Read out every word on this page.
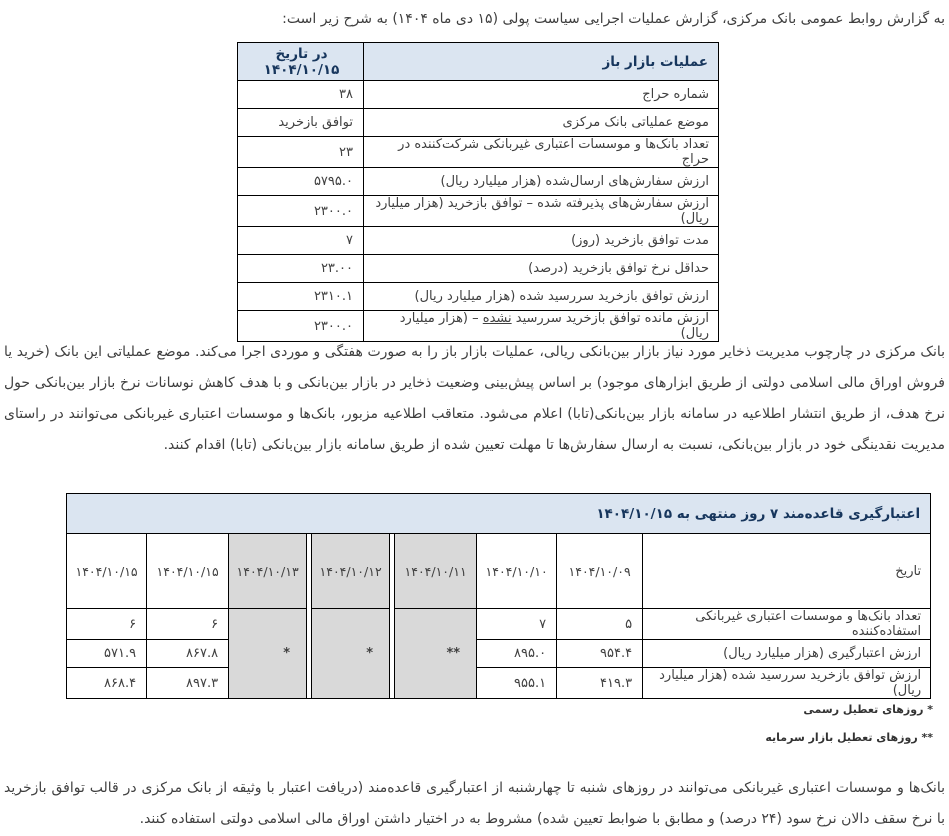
به گزارش روابط عمومی بانک مرکزی، گزارش عملیات اجرایی سیاست پولی (۱۵ دی ماه ۱۴۰۴) به شرح زیر است:
عملیات بازار باز	در تاریخ ۱۴۰۴/۱۰/۱۵
شماره حراج	۳۸
موضع عملیاتی بانک مرکزی	توافق بازخرید
تعداد بانک‌ها و موسسات اعتباری غیربانکی شرکت‌کننده در حراج	۲۳
ارزش سفارش‌های ارسال‌شده (هزار میلیارد ریال)	۵۷۹۵.۰
ارزش سفارش‌های پذیرفته شده – توافق بازخرید (هزار میلیارد ریال)	۲۳۰۰.۰
مدت توافق بازخرید (روز)	۷
حداقل نرخ توافق بازخرید (درصد)	۲۳.۰۰
ارزش توافق بازخرید سررسید شده (هزار میلیارد ریال)	۲۳۱۰.۱
ارزش مانده توافق بازخرید سررسید نشده – (هزار میلیارد ریال)	۲۳۰۰.۰
بانک مرکزی در چارچوب مدیریت ذخایر مورد نیاز بازار بین‌بانکی ریالی، عملیات بازار باز را به صورت هفتگی و موردی اجرا می‌کند. موضع عملیاتی این بانک (خرید یا فروش اوراق مالی اسلامی دولتی از طریق ابزارهای موجود) بر اساس پیش‌بینی وضعیت ذخایر در بازار بین‌بانکی و با هدف کاهش نوسانات نرخ بازار بین‌بانکی حول نرخ هدف، از طریق انتشار اطلاعیه در سامانه بازار بین‌بانکی(تابا) اعلام می‌شود. متعاقب اطلاعیه مزبور، بانک‌ها و موسسات اعتباری غیربانکی می‌توانند در راستای مدیریت نقدینگی خود در بازار بین‌بانکی، نسبت به ارسال سفارش‌ها تا مهلت تعیین شده از طریق سامانه بازار بین‌بانکی (تابا) اقدام کنند.
اعتبارگیری قاعده‌مند ۷ روز منتهی به ۱۴۰۴/۱۰/۱۵									
تاریخ	۱۴۰۴/۱۰/۰۹	۱۴۰۴/۱۰/۱۰	۱۴۰۴/۱۰/۱۱		۱۴۰۴/۱۰/۱۲		۱۴۰۴/۱۰/۱۳	۱۴۰۴/۱۰/۱۵	۱۴۰۴/۱۰/۱۵
تعداد بانک‌ها و موسسات اعتباری غیربانکی استفاده‌کننده	۵	۷	**		*		*	۶	۶
ارزش اعتبارگیری (هزار میلیارد ریال)	۹۵۴.۴	۸۹۵.۰						۸۶۷.۸	۵۷۱.۹
ارزش توافق بازخرید سررسید شده (هزار میلیارد ریال)	۴۱۹.۳	۹۵۵.۱						۸۹۷.۳	۸۶۸.۴
* روزهای تعطیل رسمی
** روزهای تعطیل بازار سرمایه
بانک‌ها و موسسات اعتباری غیربانکی می‌توانند در روزهای شنبه تا چهارشنبه از اعتبارگیری قاعده‌مند (دریافت اعتبار با وثیقه از بانک مرکزی در قالب توافق بازخرید با نرخ سقف دالان نرخ سود (۲۴ درصد) و مطابق با ضوابط تعیین شده) مشروط به در اختیار داشتن اوراق مالی اسلامی دولتی استفاده کنند.
